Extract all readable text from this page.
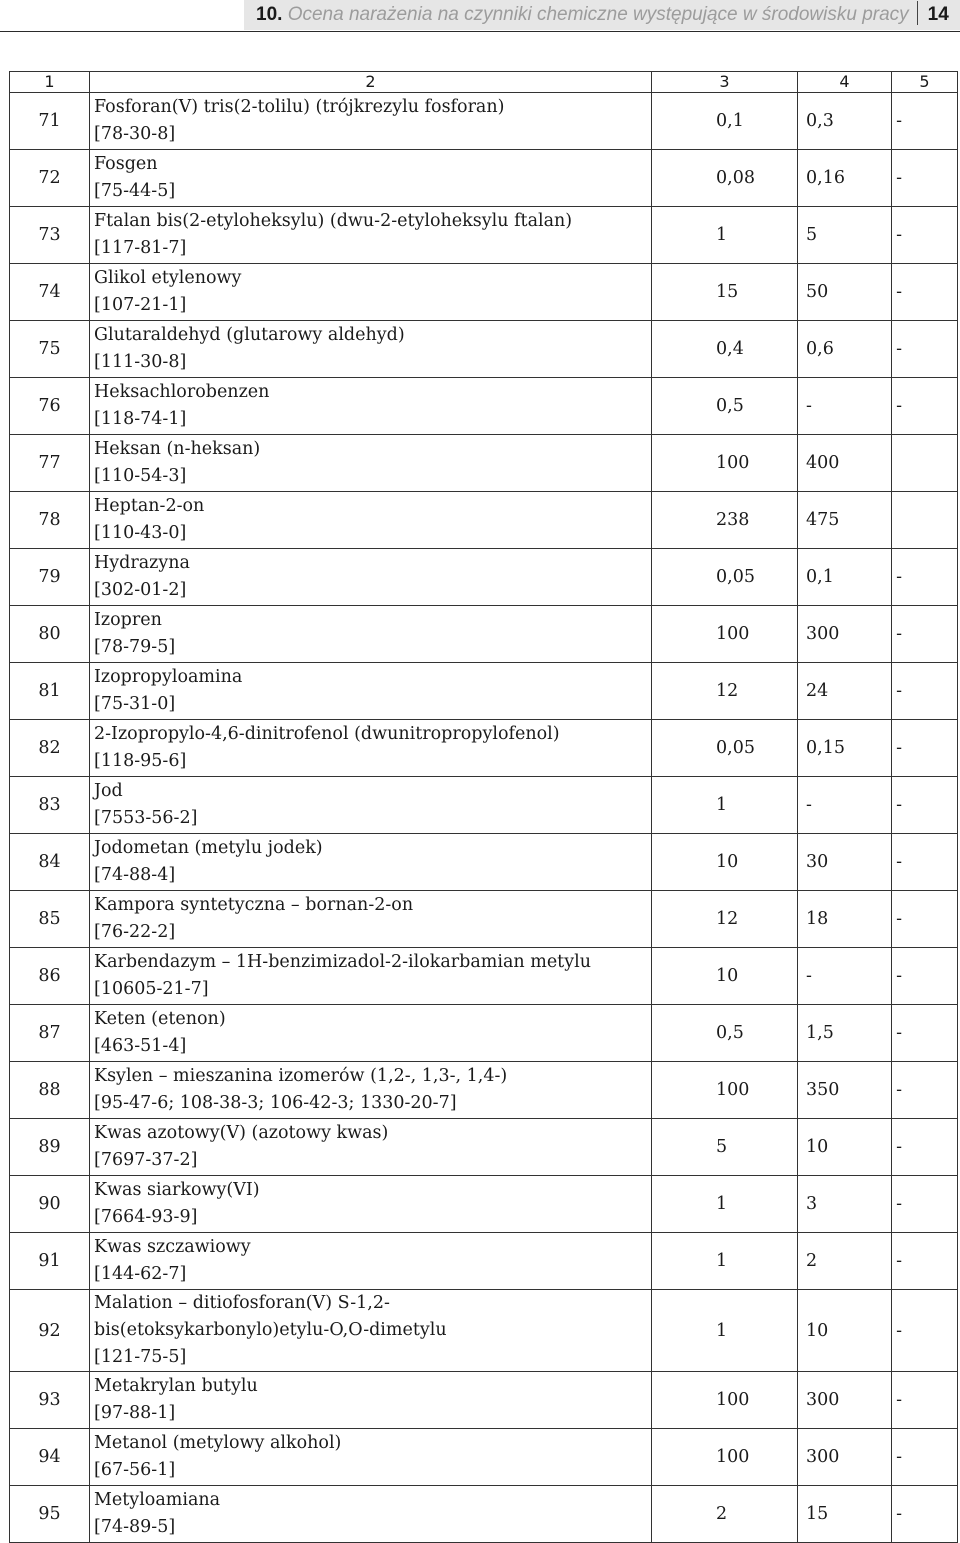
10. Ocena narażenia na czynniki chemiczne występujące w środowisku pracy 14
1	2	3	4	5
71	Fosforan(V) tris(2-tolilu) (trójkrezylu fosforan)
[78-30-8]	0,1	0,3	-
72	Fosgen
[75-44-5]	0,08	0,16	-
73	Ftalan bis(2-etyloheksylu) (dwu-2-etyloheksylu ftalan)
[117-81-7]	1	5	-
74	Glikol etylenowy
[107-21-1]	15	50	-
75	Glutaraldehyd (glutarowy aldehyd)
[111-30-8]	0,4	0,6	-
76	Heksachlorobenzen
[118-74-1]	0,5	-	-
77	Heksan (n-heksan)
[110-54-3]	100	400	
78	Heptan-2-on
[110-43-0]	238	475	
79	Hydrazyna
[302-01-2]	0,05	0,1	-
80	Izopren
[78-79-5]	100	300	-
81	Izopropyloamina
[75-31-0]	12	24	-
82	2-Izopropylo-4,6-dinitrofenol (dwunitropropylofenol)
[118-95-6]	0,05	0,15	-
83	Jod
[7553-56-2]	1	-	-
84	Jodometan (metylu jodek)
[74-88-4]	10	30	-
85	Kampora syntetyczna – bornan-2-on
[76-22-2]	12	18	-
86	Karbendazym – 1H-benzimizadol-2-ilokarbamian metylu
[10605-21-7]	10	-	-
87	Keten (etenon)
[463-51-4]	0,5	1,5	-
88	Ksylen – mieszanina izomerów (1,2-, 1,3-, 1,4-)
[95-47-6; 108-38-3; 106-42-3; 1330-20-7]	100	350	-
89	Kwas azotowy(V) (azotowy kwas)
[7697-37-2]	5	10	-
90	Kwas siarkowy(VI)
[7664-93-9]	1	3	-
91	Kwas szczawiowy
[144-62-7]	1	2	-
92	Malation – ditiofosforan(V) S-1,2-
bis(etoksykarbonylo)etylu-O,O-dimetylu
[121-75-5]	1	10	-
93	Metakrylan butylu
[97-88-1]	100	300	-
94	Metanol (metylowy alkohol)
[67-56-1]	100	300	-
95	Metyloamiana
[74-89-5]	2	15	-
